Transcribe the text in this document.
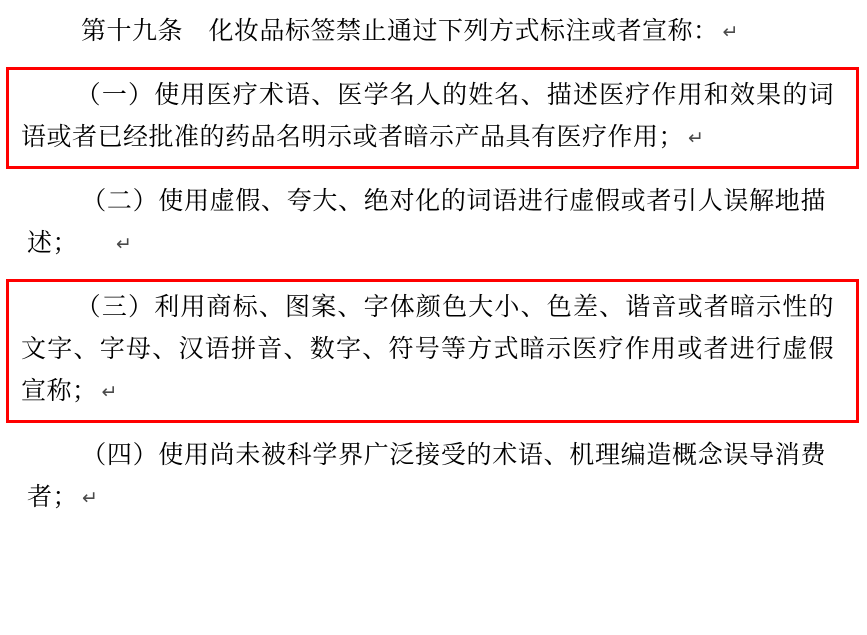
第十九条　化妆品标签禁止通过下列方式标注或者宣称： ↵
（一）使用医疗术语、医学名人的姓名、描述医疗作用和效果的词语或者已经批准的药品名明示或者暗示产品具有医疗作用； ↵
（二）使用虚假、夸大、绝对化的词语进行虚假或者引人误解地描述； ↵
（三）利用商标、图案、字体颜色大小、色差、谐音或者暗示性的文字、字母、汉语拼音、数字、符号等方式暗示医疗作用或者进行虚假宣称； ↵
（四）使用尚未被科学界广泛接受的术语、机理编造概念误导消费者； ↵
